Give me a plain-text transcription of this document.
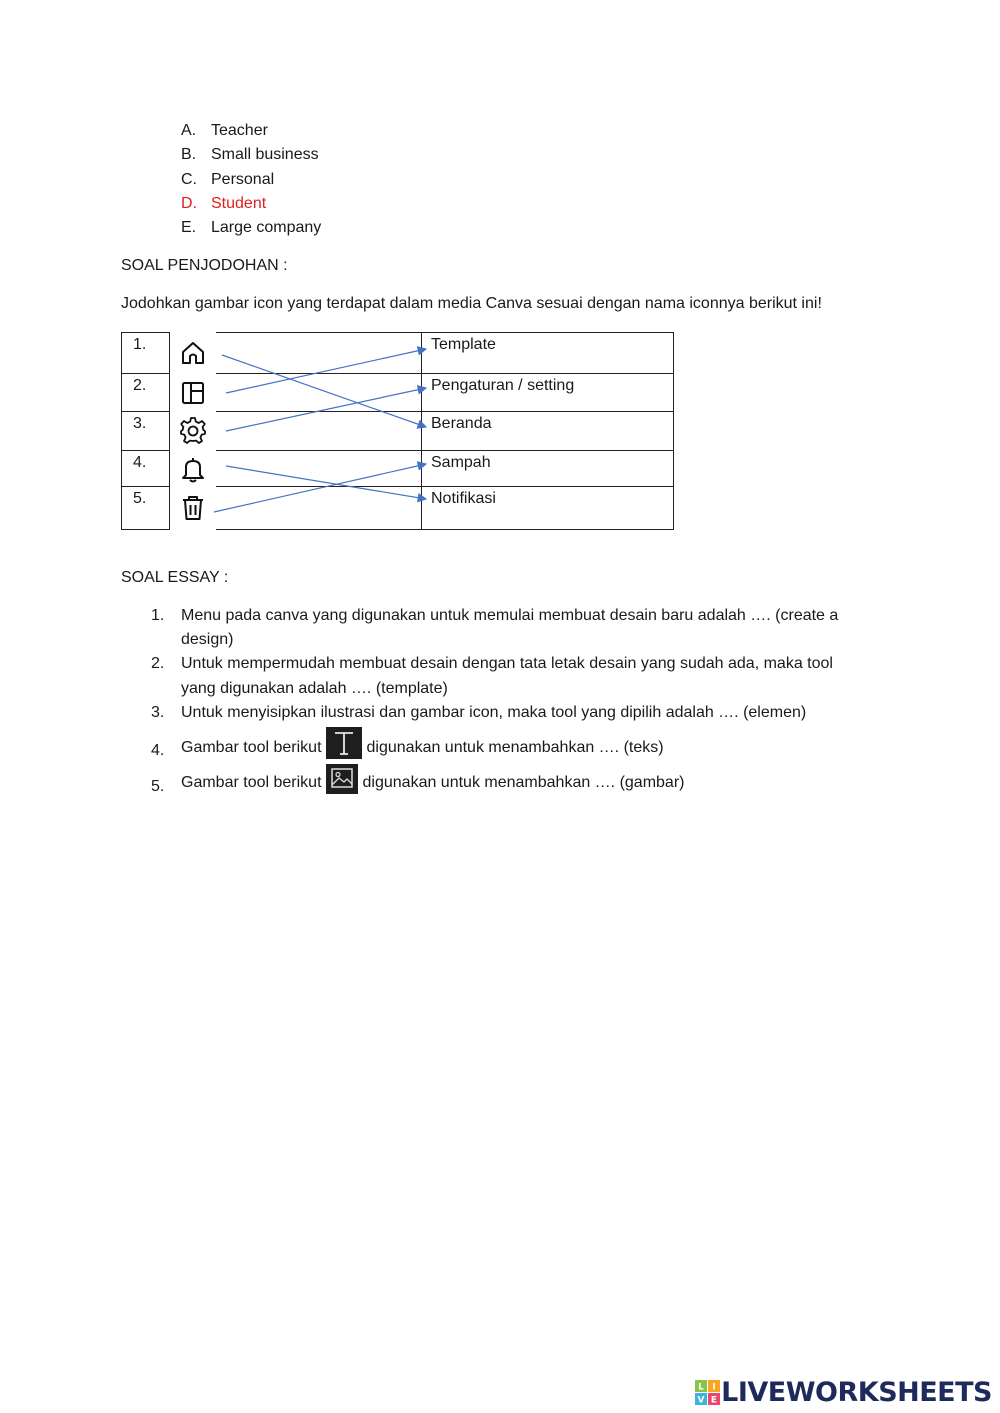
A. Teacher
B. Small business
C. Personal
D. Student
E. Large company
SOAL PENJODOHAN :
Jodohkan gambar icon yang terdapat dalam media Canva sesuai dengan nama iconnya berikut ini!
1.		Template
2.		Pengaturan / setting
3.		Beranda
4.		Sampah
5.		Notifikasi
SOAL ESSAY :
1. Menu pada canva yang digunakan untuk memulai membuat desain baru adalah …. (create a
design)
2. Untuk mempermudah membuat desain dengan tata letak desain yang sudah ada, maka tool
yang digunakan adalah …. (template)
3. Untuk menyisipkan ilustrasi dan gambar icon, maka tool yang dipilih adalah …. (elemen)
4. Gambar tool berikut	digunakan untuk menambahkan …. (teks)
5. Gambar tool berikut	digunakan untuk menambahkan …. (gambar)
L I
V E LIVEWORKSHEETS
